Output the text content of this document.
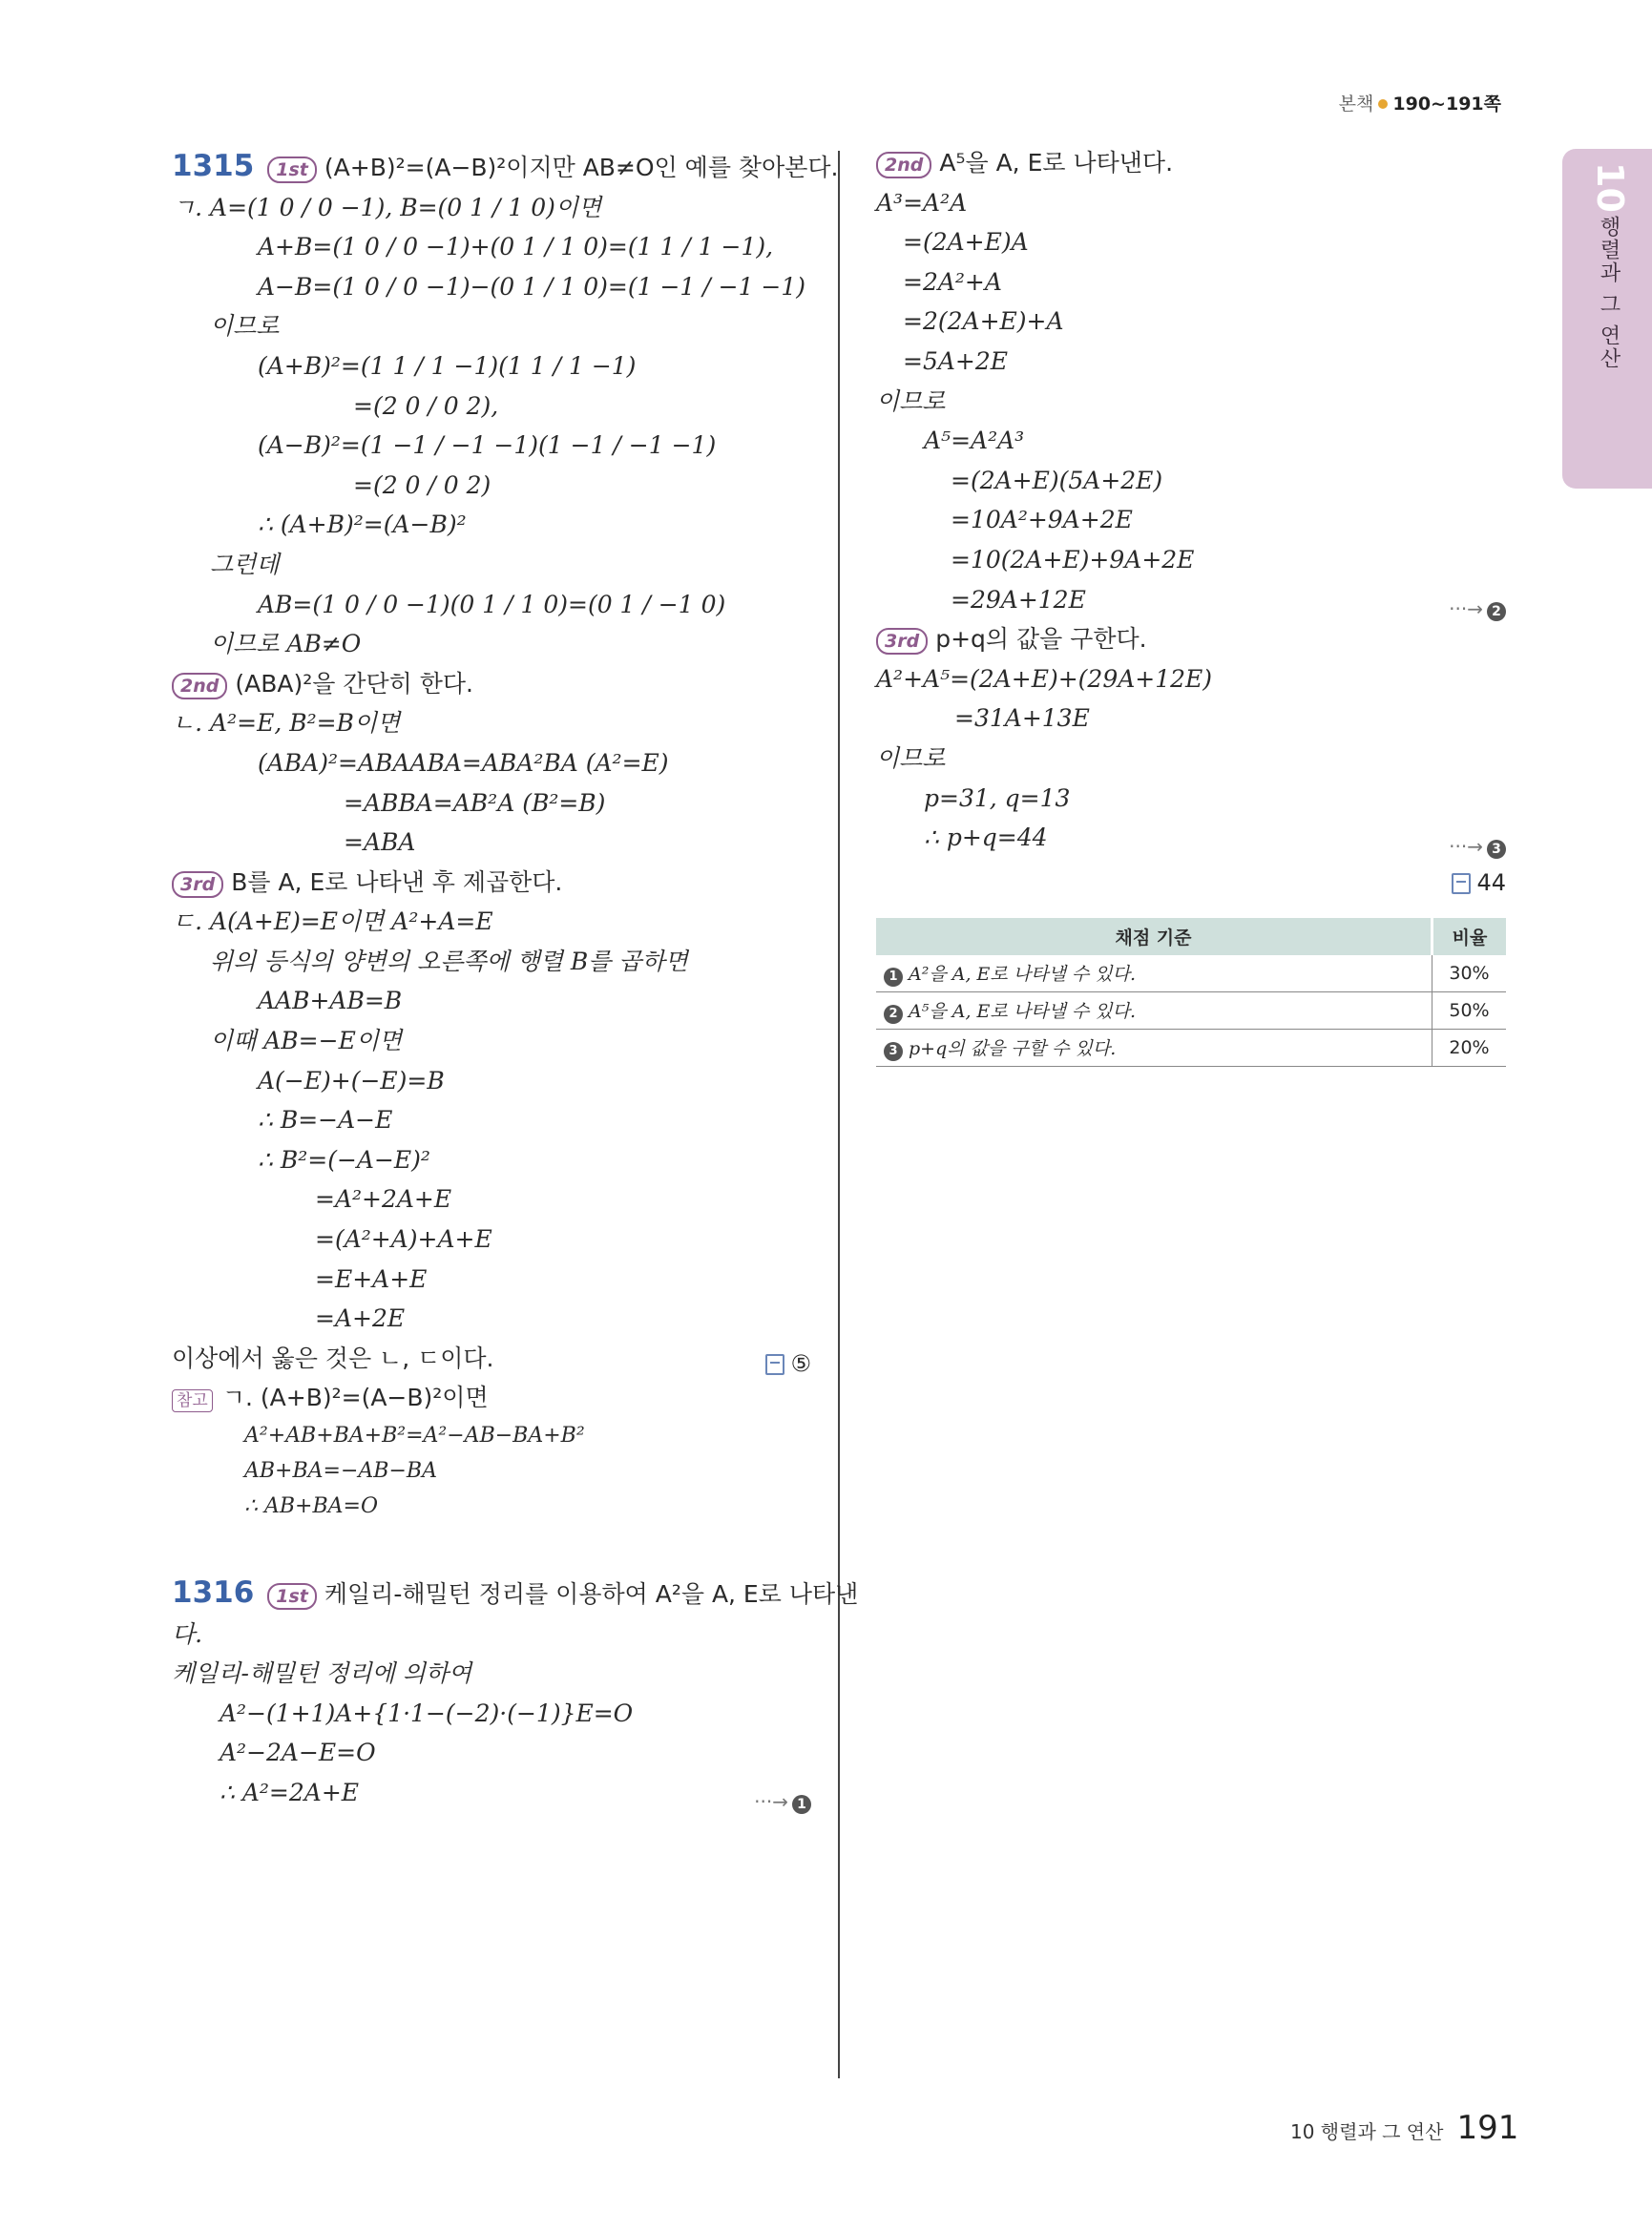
본책 190~191쪽
10
행렬과 그 연산
1315 1st (A+B)²=(A−B)²이지만 AB≠O인 예를 찾아본다.
ㄱ. A=(1 0 / 0 −1), B=(0 1 / 1 0)이면
A+B=(1 0 / 0 −1)+(0 1 / 1 0)=(1 1 / 1 −1),
A−B=(1 0 / 0 −1)−(0 1 / 1 0)=(1 −1 / −1 −1)
이므로
(A+B)²=(1 1 / 1 −1)(1 1 / 1 −1)
=(2 0 / 0 2),
(A−B)²=(1 −1 / −1 −1)(1 −1 / −1 −1)
=(2 0 / 0 2)
∴ (A+B)²=(A−B)²
그런데
AB=(1 0 / 0 −1)(0 1 / 1 0)=(0 1 / −1 0)
이므로 AB≠O
2nd (ABA)²을 간단히 한다.
ㄴ. A²=E, B²=B이면
(ABA)²=ABAABA=ABA²BA (A²=E)
=ABBA=AB²A (B²=B)
=ABA
3rd B를 A, E로 나타낸 후 제곱한다.
ㄷ. A(A+E)=E이면 A²+A=E
위의 등식의 양변의 오른쪽에 행렬 B를 곱하면
AAB+AB=B
이때 AB=−E이면
A(−E)+(−E)=B
∴ B=−A−E
∴ B²=(−A−E)²
=A²+2A+E
=(A²+A)+A+E
=E+A+E
=A+2E
이상에서 옳은 것은 ㄴ, ㄷ이다.	⑤
참고 ㄱ. (A+B)²=(A−B)²이면
A²+AB+BA+B²=A²−AB−BA+B²
AB+BA=−AB−BA
∴ AB+BA=O
1316 1st 케일리-해밀턴 정리를 이용하여 A²을 A, E로 나타낸
다.
케일리-해밀턴 정리에 의하여
A²−(1+1)A+{1·1−(−2)·(−1)}E=O
A²−2A−E=O
∴ A²=2A+E	···→ 1
2nd A⁵을 A, E로 나타낸다.
A³=A²A
=(2A+E)A
=2A²+A
=2(2A+E)+A
=5A+2E
이므로
A⁵=A²A³
=(2A+E)(5A+2E)
=10A²+9A+2E
=10(2A+E)+9A+2E
=29A+12E	···→ 2
3rd p+q의 값을 구한다.
A²+A⁵=(2A+E)+(29A+12E)
=31A+13E
이므로
p=31, q=13
∴ p+q=44	···→ 3
44
채점 기준	비율
1 A²을 A, E로 나타낼 수 있다.	30%
2 A⁵을 A, E로 나타낼 수 있다.	50%
3 p+q의 값을 구할 수 있다.	20%
10 행렬과 그 연산 191
